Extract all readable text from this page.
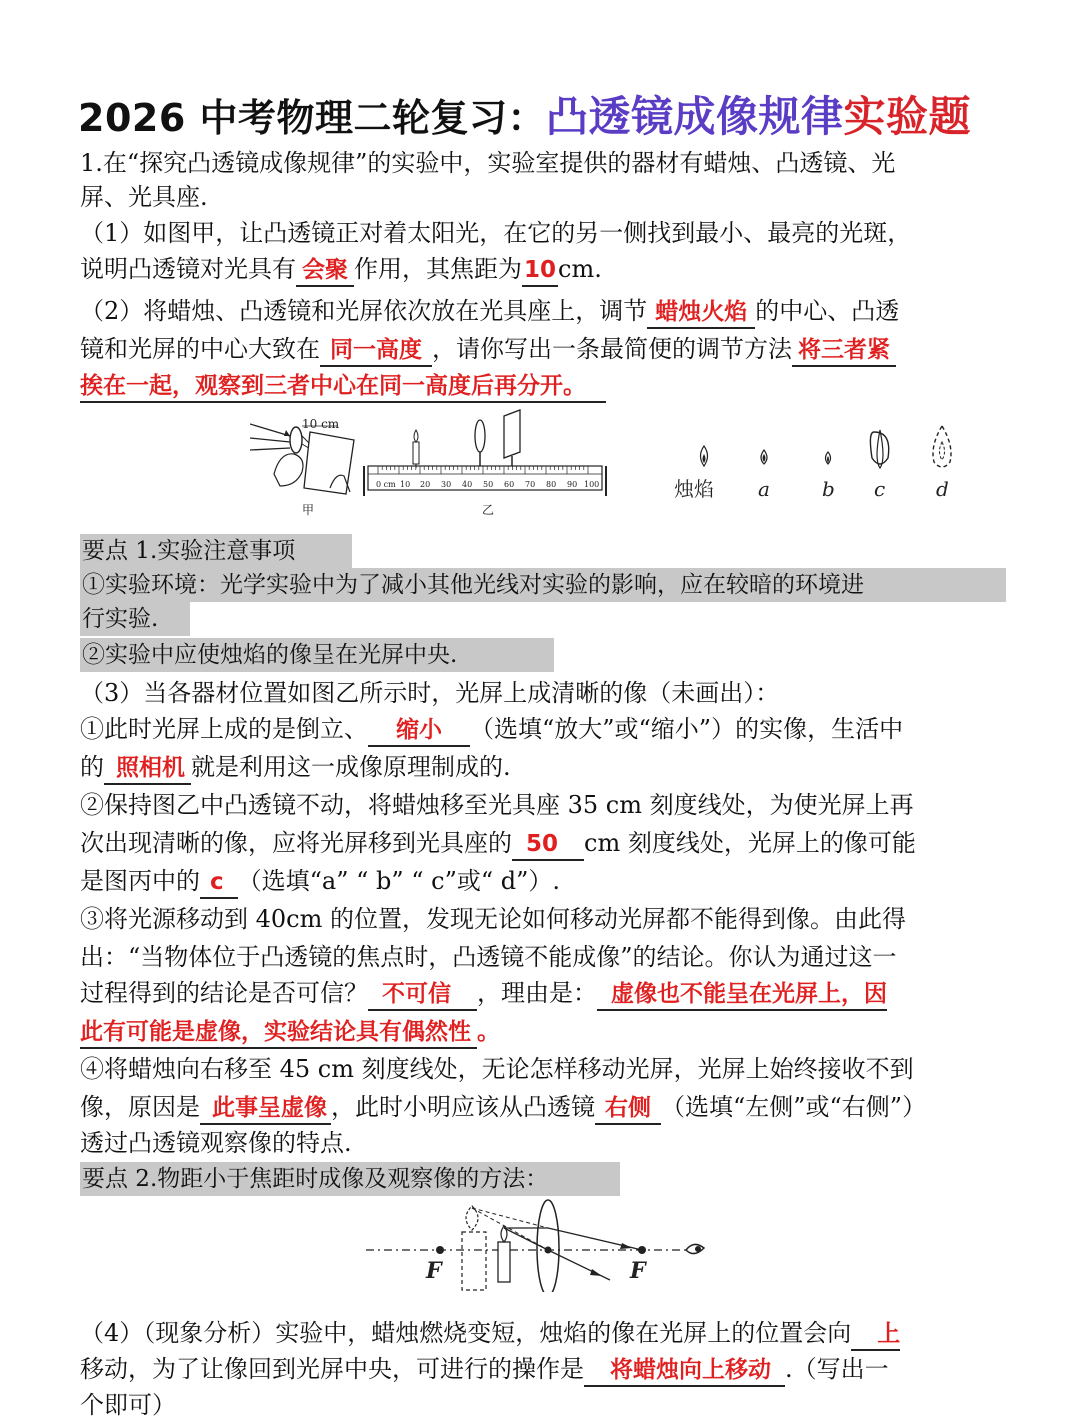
2026 中考物理二轮复习：凸透镜成像规律实验题
1.在“探究凸透镜成像规律”的实验中，实验室提供的器材有蜡烛、凸透镜、光
屏、光具座.
（1）如图甲，让凸透镜正对着太阳光，在它的另一侧找到最小、最亮的光斑，
说明凸透镜对光具有 会聚 作用，其焦距为10cm.
（2）将蜡烛、凸透镜和光屏依次放在光具座上，调节 蜡烛火焰 的中心、凸透
镜和光屏的中心大致在 同一高度 ，请你写出一条最简便的调节方法 将三者紧
挨在一起，观察到三者中心在同一高度后再分开。
10 cm
甲
0 cm 10 20 30 40 50 60 70 80 90 100
乙
烛焰 a	b c	d
要点 1.实验注意事项
①实验环境：光学实验中为了减小其他光线对实验的影响，应在较暗的环境进
行实验.
②实验中应使烛焰的像呈在光屏中央.
（3）当各器材位置如图乙所示时，光屏上成清晰的像（未画出）：
①此时光屏上成的是倒立、 缩小 （选填“放大”或“缩小”）的实像，生活中
的 照相机 就是利用这一成像原理制成的.
②保持图乙中凸透镜不动，将蜡烛移至光具座 35 cm 刻度线处，为使光屏上再
次出现清晰的像，应将光屏移到光具座的 50 cm 刻度线处，光屏上的像可能
是图丙中的 c （选填“a” “ b” “ c”或“ d”）.
③将光源移动到 40cm 的位置，发现无论如何移动光屏都不能得到像。由此得
出：“当物体位于凸透镜的焦点时，凸透镜不能成像”的结论。你认为通过这一
过程得到的结论是否可信？ 不可信 ，理由是： 虚像也不能呈在光屏上，因
此有可能是虚像，实验结论具有偶然性 。
④将蜡烛向右移至 45 cm 刻度线处，无论怎样移动光屏，光屏上始终接收不到
像，原因是 此事呈虚像 ，此时小明应该从凸透镜 右侧 （选填“左侧”或“右侧”）
透过凸透镜观察像的特点.
要点 2.物距小于焦距时成像及观察像的方法：
F	F
（4）（现象分析）实验中，蜡烛燃烧变短，烛焰的像在光屏上的位置会向 上
移动，为了让像回到光屏中央，可进行的操作是 将蜡烛向上移动 .（写出一
个即可）
